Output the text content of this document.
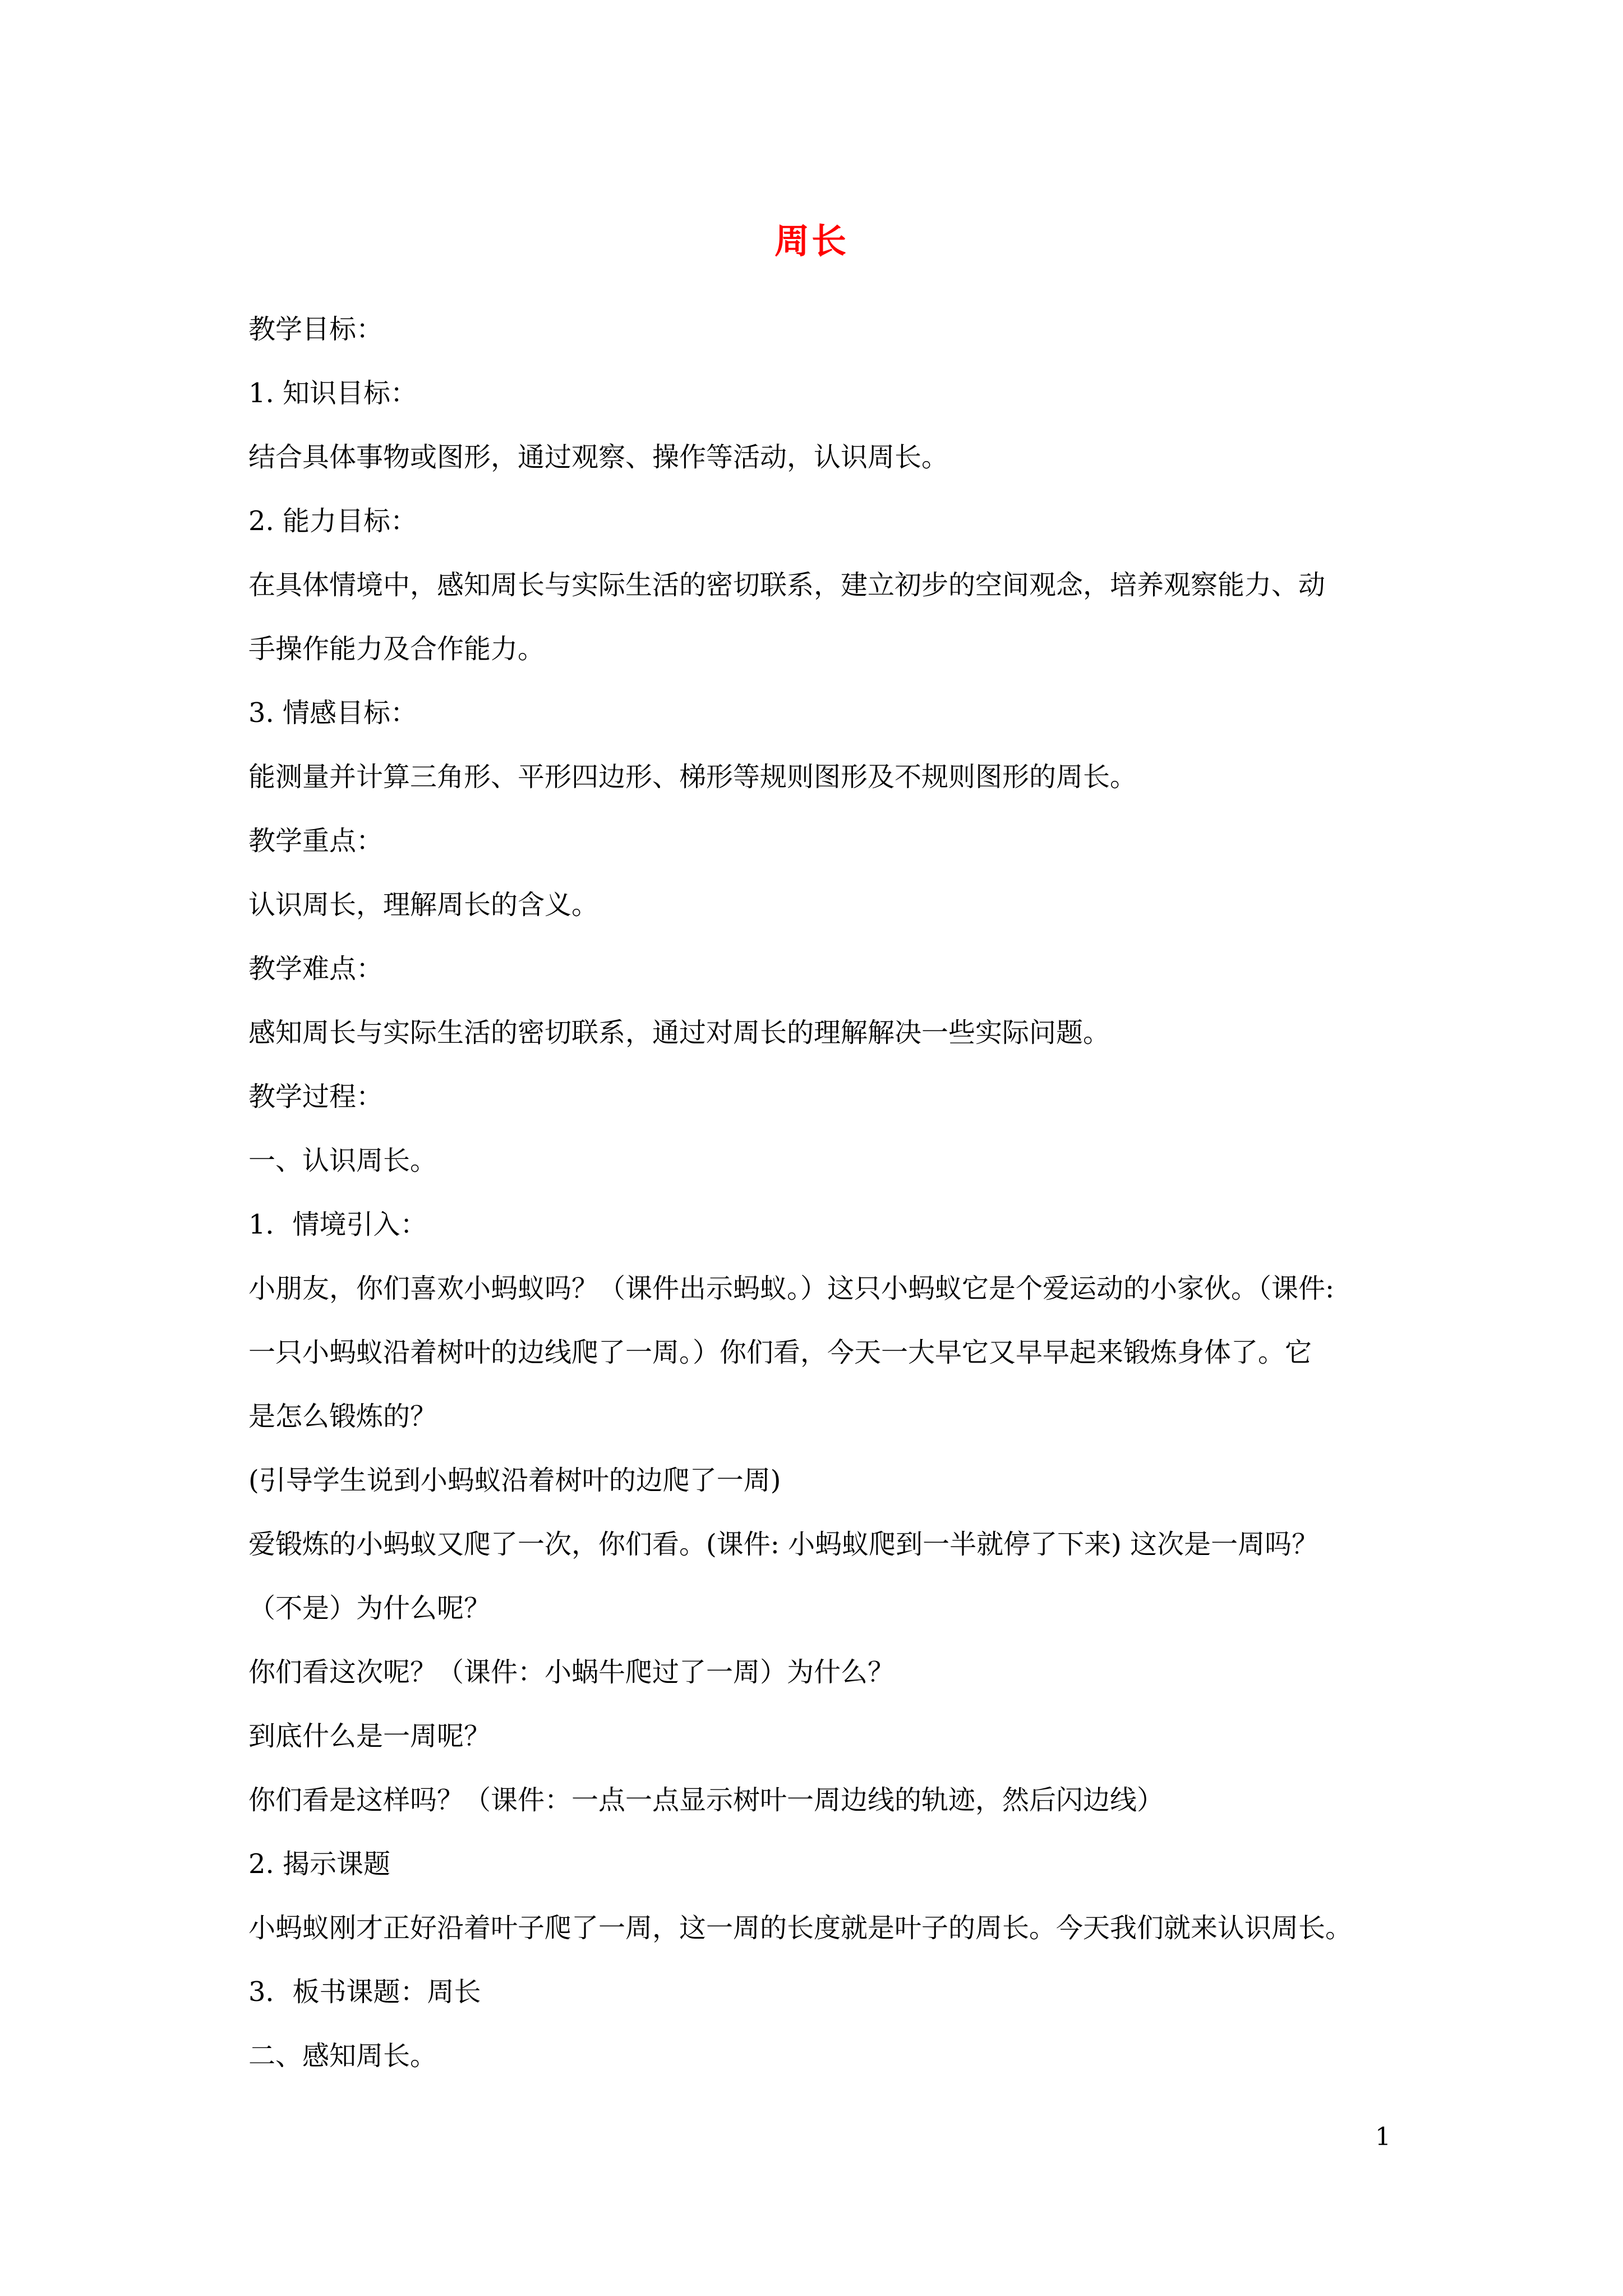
周长

教学目标：

1. 知识目标：

结合具体事物或图形，通过观察、操作等活动，认识周长。

2. 能力目标：

在具体情境中，感知周长与实际生活的密切联系，建立初步的空间观念，培养观察能力、动

手操作能力及合作能力。

3. 情感目标：

能测量并计算三角形、平形四边形、梯形等规则图形及不规则图形的周长。

教学重点：

认识周长，理解周长的含义。

教学难点：

感知周长与实际生活的密切联系，通过对周长的理解解决一些实际问题。

教学过程：

一、认识周长。

1．情境引入：

小朋友，你们喜欢小蚂蚁吗？（课件出示蚂蚁。）这只小蚂蚁它是个爱运动的小家伙。（课件:

一只小蚂蚁沿着树叶的边线爬了一周。）你们看，今天一大早它又早早起来锻炼身体了。它

是怎么锻炼的？

(引导学生说到小蚂蚁沿着树叶的边爬了一周)

爱锻炼的小蚂蚁又爬了一次，你们看。(课件: 小蚂蚁爬到一半就停了下来) 这次是一周吗？

（不是）为什么呢？

你们看这次呢？（课件：小蜗牛爬过了一周）为什么？

到底什么是一周呢？

你们看是这样吗？（课件：一点一点显示树叶一周边线的轨迹，然后闪边线）

2. 揭示课题

小蚂蚁刚才正好沿着叶子爬了一周，这一周的长度就是叶子的周长。今天我们就来认识周长。

3．板书课题：周长

二、感知周长。

1
